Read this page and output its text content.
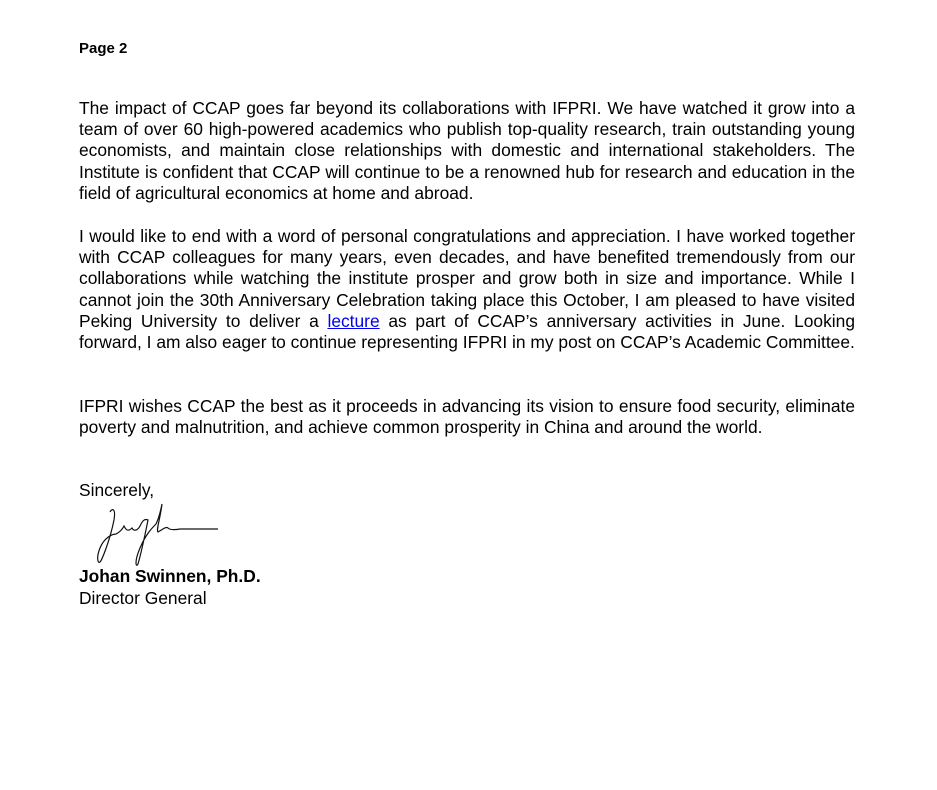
Page 2

The impact of CCAP goes far beyond its collaborations with IFPRI. We have watched it grow into a team of over 60 high-powered academics who publish top-quality research, train outstanding young economists, and maintain close relationships with domestic and international stakeholders. The Institute is confident that CCAP will continue to be a renowned hub for research and education in the field of agricultural economics at home and abroad.

I would like to end with a word of personal congratulations and appreciation. I have worked together with CCAP colleagues for many years, even decades, and have benefited tremendously from our collaborations while watching the institute prosper and grow both in size and importance. While I cannot join the 30th Anniversary Celebration taking place this October, I am pleased to have visited Peking University to deliver a lecture as part of CCAP’s anniversary activities in June. Looking forward, I am also eager to continue representing IFPRI in my post on CCAP’s Academic Committee.

IFPRI wishes CCAP the best as it proceeds in advancing its vision to ensure food security, eliminate poverty and malnutrition, and achieve common prosperity in China and around the world.

Sincerely,
Johan Swinnen, Ph.D.
Director General
